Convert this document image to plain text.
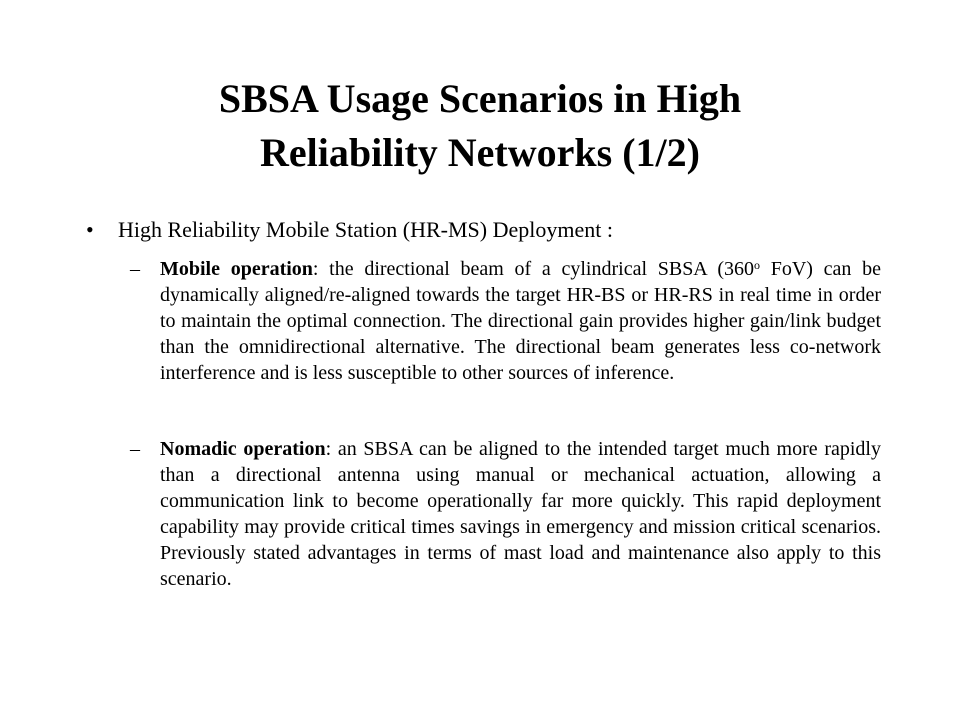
SBSA Usage Scenarios in High
Reliability Networks (1/2)
• High Reliability Mobile Station (HR-MS) Deployment :
– Mobile operation: the directional beam of a cylindrical SBSA (360$^o$ FoV) can be dynamically aligned/re-aligned towards the target HR-BS or HR-RS in real time in order to maintain the optimal connection. The directional gain provides higher gain/link budget than the omnidirectional alternative. The directional beam generates less co-network interference and is less susceptible to other sources of inference.
– Nomadic operation: an SBSA can be aligned to the intended target much more rapidly than a directional antenna using manual or mechanical actuation, allowing a communication link to become operationally far more quickly. This rapid deployment capability may provide critical times savings in emergency and mission critical scenarios. Previously stated advantages in terms of mast load and maintenance also apply to this scenario.
